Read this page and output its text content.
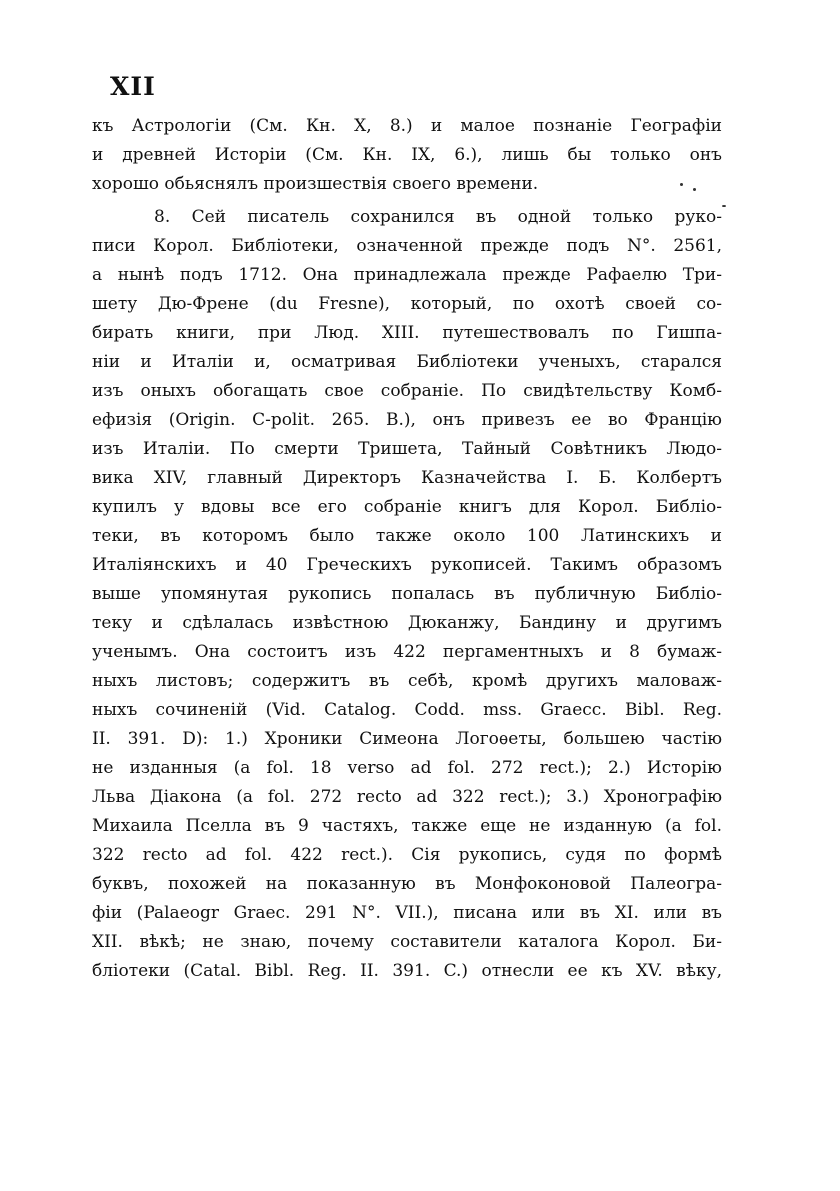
XII
къ Астрологіи (См. Кн. X, 8.) и малое познаніе Географіи
и древней Исторіи (См. Кн. IX, 6.), лишь бы только онъ
хорошо обьяснялъ произшествія своего времени.
8. Сей писатель сохранился въ одной только руко-
писи Корол. Библіотеки, означенной прежде подъ N°. 2561,
а нынѣ подъ 1712. Она принадлежала прежде Рафаелю Три-
шету Дю-Френе (du Fresne), который, по охотѣ своей со-
бирать книги, при Люд. XIII. путешествовалъ по Гишпа-
ніи и Италіи и, осматривая Библіотеки ученыхъ, старался
изъ оныхъ обогащать свое собраніе. По свидѣтельству Комб-
ефизія (Origin. C-polit. 265. B.), онъ привезъ ее во Францію
изъ Италіи. По смерти Тришета, Тайный Совѣтникъ Людо-
вика XIV, главный Директоръ Казначейства I. Б. Колбертъ
купилъ у вдовы все его собраніе книгъ для Корол. Библіо-
теки, въ которомъ было также около 100 Латинскихъ и
Италіянскихъ и 40 Греческихъ рукописей. Такимъ образомъ
выше упомянутая рукопись попалась въ публичную Библіо-
теку и сдѣлалась извѣстною Дюканжу, Бандину и другимъ
ученымъ. Она состоитъ изъ 422 пергаментныхъ и 8 бумаж-
ныхъ листовъ; содержитъ въ себѣ, кромѣ другихъ маловаж-
ныхъ сочиненій (Vid. Catalog. Codd. mss. Graecc. Bibl. Reg.
II. 391. D): 1.) Хроники Симеона Логоѳеты, большею частію
не изданныя (a fol. 18 verso ad fol. 272 rect.); 2.) Исторію
Льва Діакона (a fol. 272 recto ad 322 rect.); 3.) Хронографію
Михаила Пселла въ 9 частяхъ, также еще не изданную (a fol.
322 recto ad fol. 422 rect.). Сія рукопись, судя по формѣ
буквъ, похожей на показанную въ Монфоконовой Палеогра-
фіи (Palaeogr Graec. 291 N°. VII.), писана или въ XI. или въ
XII. вѣкѣ; не знаю, почему составители каталога Корол. Би-
бліотеки (Catal. Bibl. Reg. II. 391. C.) отнесли ее къ XV. вѣку,
